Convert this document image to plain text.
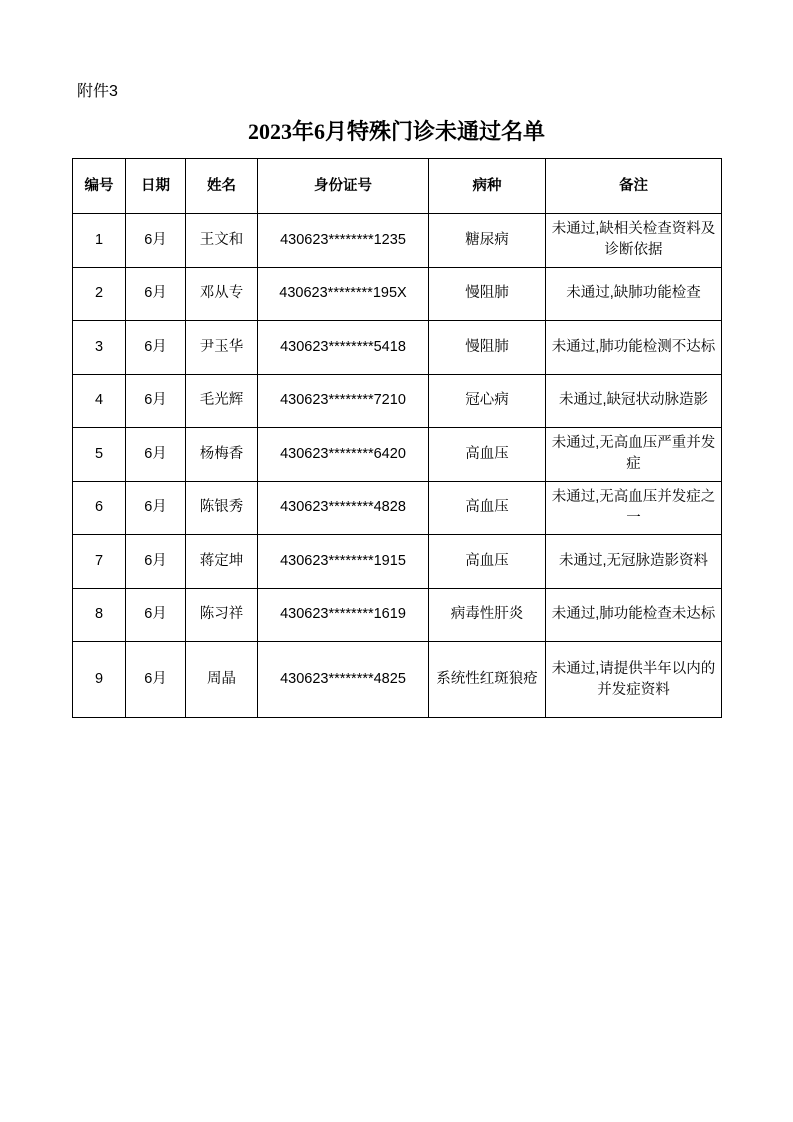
附件3
2023年6月特殊门诊未通过名单
编号	日期	姓名	身份证号	病种	备注
1	6月	王文和	430623********1235	糖尿病	未通过,缺相关检查资料及诊断依据
2	6月	邓从专	430623********195X	慢阻肺	未通过,缺肺功能检查
3	6月	尹玉华	430623********5418	慢阻肺	未通过,肺功能检测不达标
4	6月	毛光辉	430623********7210	冠心病	未通过,缺冠状动脉造影
5	6月	杨梅香	430623********6420	高血压	未通过,无高血压严重并发症
6	6月	陈银秀	430623********4828	高血压	未通过,无高血压并发症之一
7	6月	蒋定坤	430623********1915	高血压	未通过,无冠脉造影资料
8	6月	陈习祥	430623********1619	病毒性肝炎	未通过,肺功能检查未达标
9	6月	周晶	430623********4825	系统性红斑狼疮	未通过,请提供半年以内的并发症资料
